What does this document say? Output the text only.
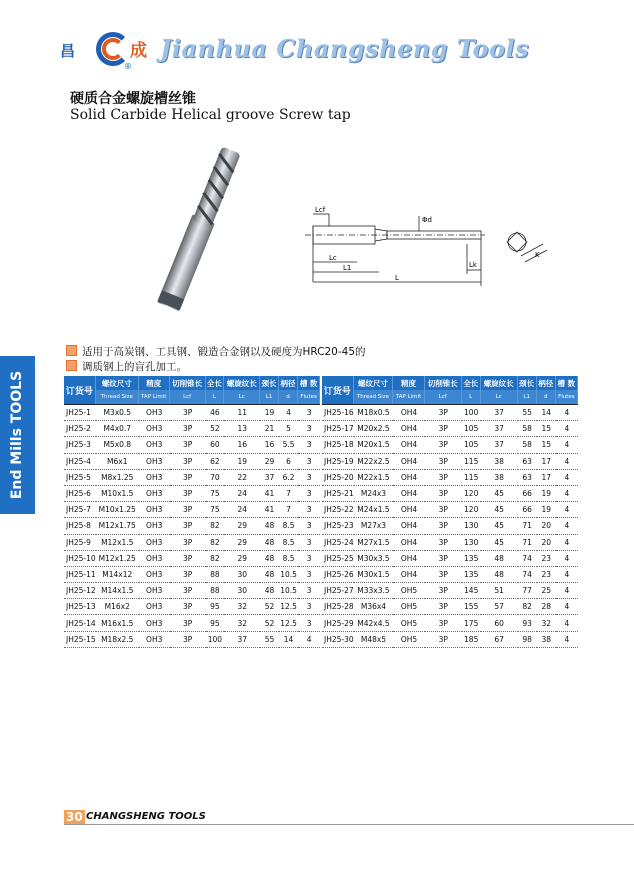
昌	成
®
Jianhua Changsheng Tools
硬质合金螺旋槽丝锥
Solid Carbide Helical groove Screw tap
End Mills TOOLS
Lcf
Φd
Lc
L1
L
Lk
K
适用于高炭钢、工具钢、锻造合金钢以及硬度为HRC20-45的
调质钢上的盲孔加工。
订货号	螺纹尺寸	精度	切削锥长	全长	螺旋纹长	颈长	柄径	槽 数
	Thread Size	TAP Limit	Lcf	L	Lc	L1	d	Flutes
JH25-1	M3x0.5	OH3	3P	46	11	19	4	3
JH25-2	M4x0.7	OH3	3P	52	13	21	5	3
JH25-3	M5x0.8	OH3	3P	60	16	16	5.5	3
JH25-4	M6x1	OH3	3P	62	19	29	6	3
JH25-5	M8x1.25	OH3	3P	70	22	37	6.2	3
JH25-6	M10x1.5	OH3	3P	75	24	41	7	3
JH25-7	M10x1.25	OH3	3P	75	24	41	7	3
JH25-8	M12x1.75	OH3	3P	82	29	48	8.5	3
JH25-9	M12x1.5	OH3	3P	82	29	48	8.5	3
JH25-10	M12x1.25	OH3	3P	82	29	48	8.5	3
JH25-11	M14x12	OH3	3P	88	30	48	10.5	3
JH25-12	M14x1.5	OH3	3P	88	30	48	10.5	3
JH25-13	M16x2	OH3	3P	95	32	52	12.5	3
JH25-14	M16x1.5	OH3	3P	95	32	52	12.5	3
JH25-15	M18x2.5	OH3	3P	100	37	55	14	4
订货号	螺纹尺寸	精度	切削锥长	全长	螺旋纹长	颈长	柄径	槽 数
	Thread Size	TAP Limit	Lcf	L	Lc	L1	d	Flutes
JH25-16	M18x0.5	OH4	3P	100	37	55	14	4
JH25-17	M20x2.5	OH4	3P	105	37	58	15	4
JH25-18	M20x1.5	OH4	3P	105	37	58	15	4
JH25-19	M22x2.5	OH4	3P	115	38	63	17	4
JH25-20	M22x1.5	OH4	3P	115	38	63	17	4
JH25-21	M24x3	OH4	3P	120	45	66	19	4
JH25-22	M24x1.5	OH4	3P	120	45	66	19	4
JH25-23	M27x3	OH4	3P	130	45	71	20	4
JH25-24	M27x1.5	OH4	3P	130	45	71	20	4
JH25-25	M30x3.5	OH4	3P	135	48	74	23	4
JH25-26	M30x1.5	OH4	3P	135	48	74	23	4
JH25-27	M33x3.5	OH5	3P	145	51	77	25	4
JH25-28	M36x4	OH5	3P	155	57	82	28	4
JH25-29	M42x4.5	OH5	3P	175	60	93	32	4
JH25-30	M48x5	OH5	3P	185	67	98	38	4
30 CHANGSHENG TOOLS
